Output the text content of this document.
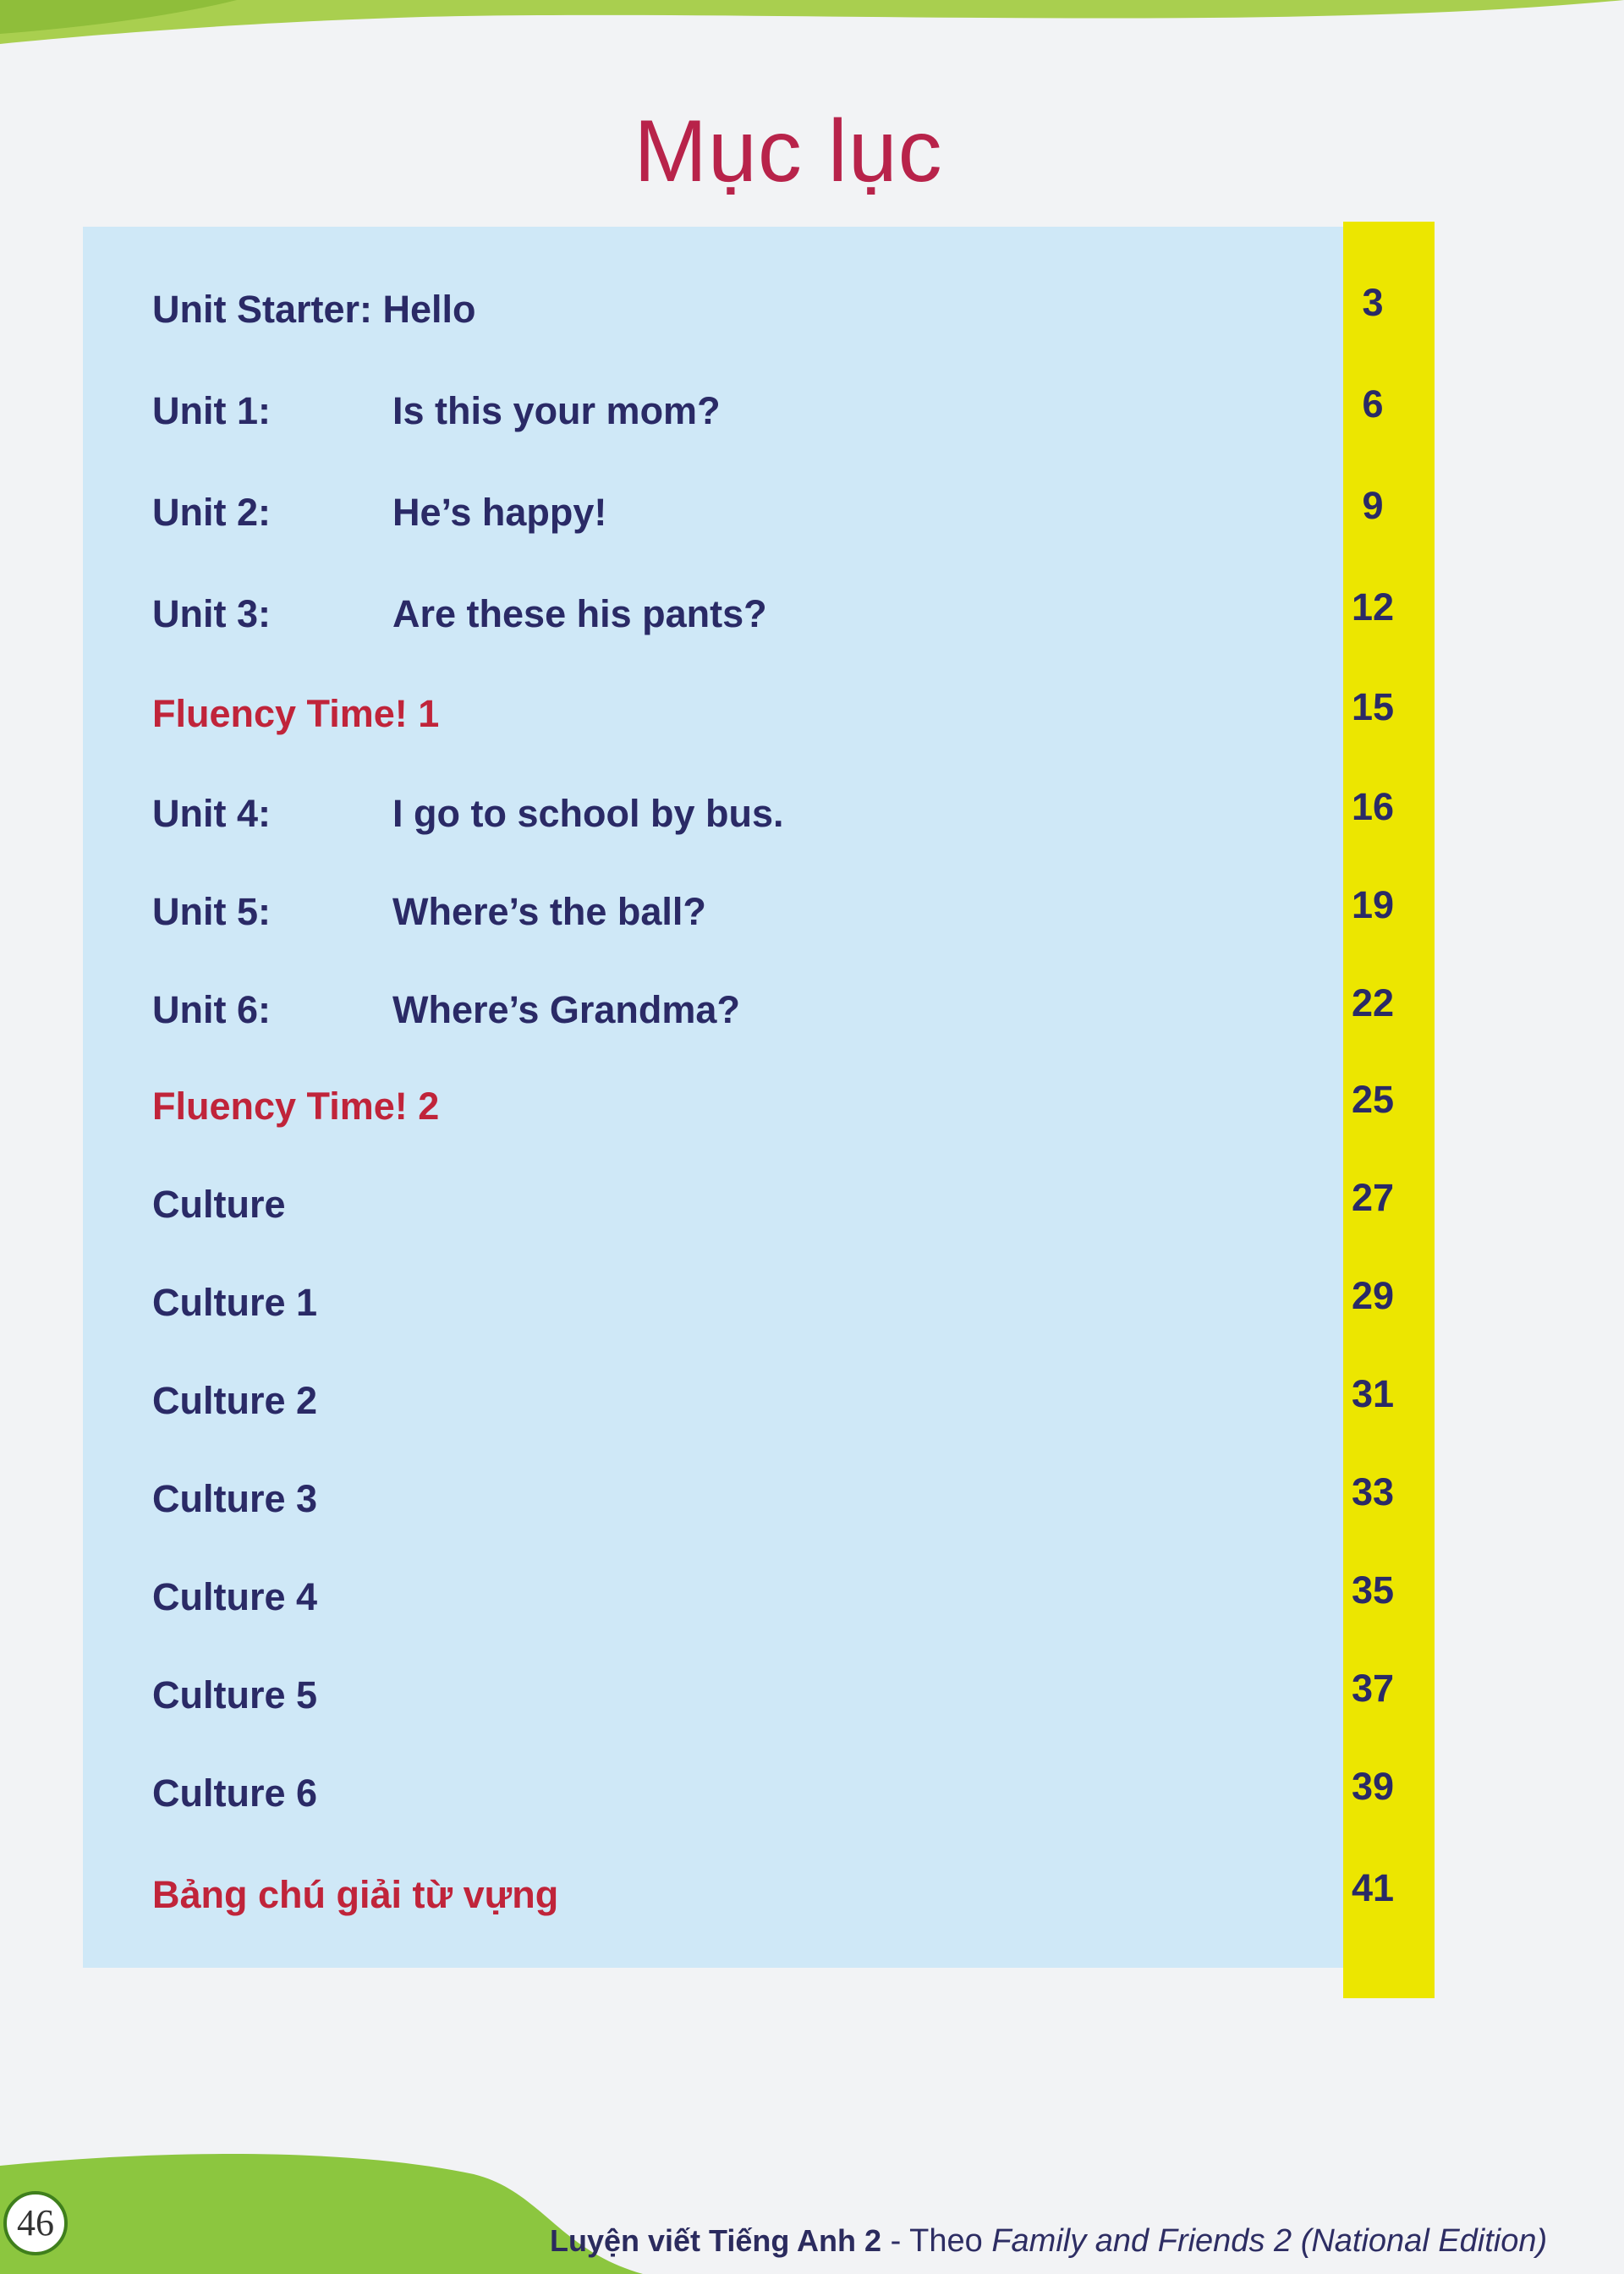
Mục lục
Unit Starter: Hello	3
Unit 1:	Is this your mom?	6
Unit 2:	He’s happy!	9
Unit 3:	Are these his pants?	12
Fluency Time! 1	15
Unit 4:	I go to school by bus.	16
Unit 5:	Where’s the ball?	19
Unit 6:	Where’s Grandma?	22
Fluency Time! 2	25
Culture	27
Culture 1	29
Culture 2	31
Culture 3	33
Culture 4	35
Culture 5	37
Culture 6	39
Bảng chú giải từ vựng	41
46	Luyện viết Tiếng Anh 2 - Theo Family and Friends 2 (National Edition)
